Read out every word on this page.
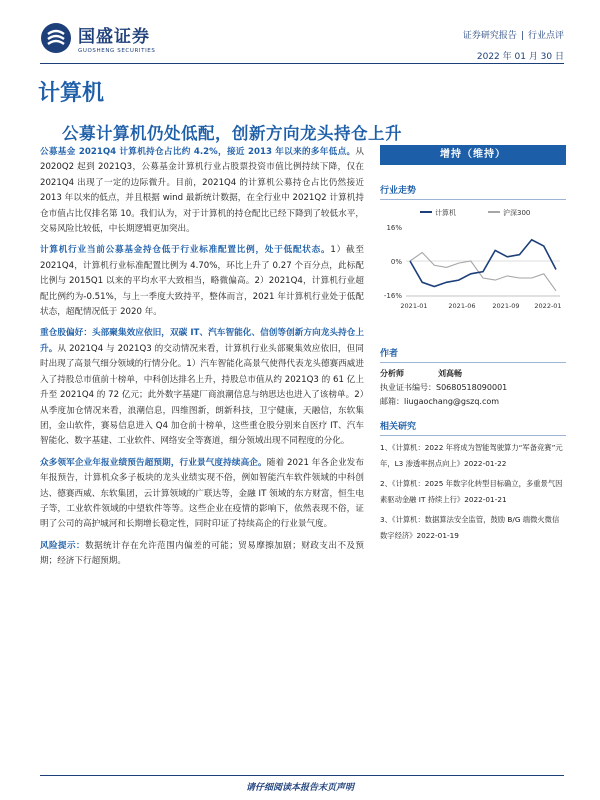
国盛证券
GUOSHENG SECURITIES
证券研究报告 | 行业点评
2022 年 01 月 30 日
计算机
公募计算机仍处低配，创新方向龙头持仓上升

公募基金 2021Q4 计算机持仓占比约 4.2%，接近 2013 年以来的多年低点。从 2020Q2 起到 2021Q3，公募基金计算机行业占股票投资市值比例持续下降，仅在 2021Q4 出现了一定的边际微升。目前，2021Q4 的计算机公募持仓占比仍然接近 2013 年以来的低点，并且根据 wind 最新统计数据，在全行业中 2021Q2 计算机持仓市值占比仅排名第 10。我们认为，对于计算机的持仓配比已经下降到了较低水平，交易风险比较低，中长期逻辑更加突出。

计算机行业当前公募基金持仓低于行业标准配置比例，处于低配状态。1）截至 2021Q4，计算机行业标准配置比例为 4.70%，环比上升了 0.27 个百分点，此标配比例与 2015Q1 以来的平均水平大致相当，略微偏高。2）2021Q4，计算机行业超配比例约为-0.51%，与上一季度大致持平，整体而言，2021 年计算机行业处于低配状态，超配情况低于 2020 年。

重仓股偏好：头部聚集效应依旧，双碳 IT、汽车智能化、信创等创新方向龙头持仓上升。从 2021Q4 与 2021Q3 的交动情况来看，计算机行业头部聚集效应依旧，但同时出现了高景气细分领域的行情分化。1）汽车智能化高景气使得代表龙头德赛西威进入了持股总市值前十榜单，中科创达排名上升，持股总市值从约 2021Q3 的 61 亿上升至 2021Q4 的 72 亿元；此外数字基建厂商浪潮信息与纳思达也进入了该榜单。2）从季度加仓情况来看，浪潮信息，四维图新，朗新科技，卫宁健康，天融信，东软集团，金山软件，赛易信息进入 Q4 加仓前十榜单，这些重仓股分别来自医疗 IT、汽车智能化、数字基建、工业软件、网络安全等赛道，细分领域出现不同程度的分化。

众多领军企业年报业绩预告超预期，行业景气度持续高企。随着 2021 年各企业发布年报预告，计算机众多子板块的龙头业绩实现不俗，例如智能汽车软件领域的中科创达、德赛西威、东软集团，云计算领域的广联达等，金融 IT 领域的东方财富，恒生电子等，工业软件领域的中望软件等等。这些企业在疫情的影响下，依然表现不俗，证明了公司的高护城河和长期增长稳定性，同时印证了持续高企的行业景气度。

风险提示：数据统计存在允许范围内偏差的可能；贸易摩擦加剧；财政支出不及预期；经济下行超预期。

增持（维持）
行业走势
计算机	沪深300
16%
0%
-16%
2021-01	2021-06	2021-09 2022-01
作者
分析师	刘高畅
执业证书编号：S0680518090001
邮箱：liugaochang@gszq.com
相关研究
1、《计算机：2022 年将成为智能驾驶算力“军备竞赛”元年，L3 渗透率拐点向上》2022-01-22
2、《计算机：2025 年数字化转型目标确立，多重景气因素驱动金融 IT 持续上行》2022-01-21
3、《计算机：数据算法安全监管，鼓励 B/G 端微火微信数字经济》2022-01-19
请仔细阅读本报告末页声明
